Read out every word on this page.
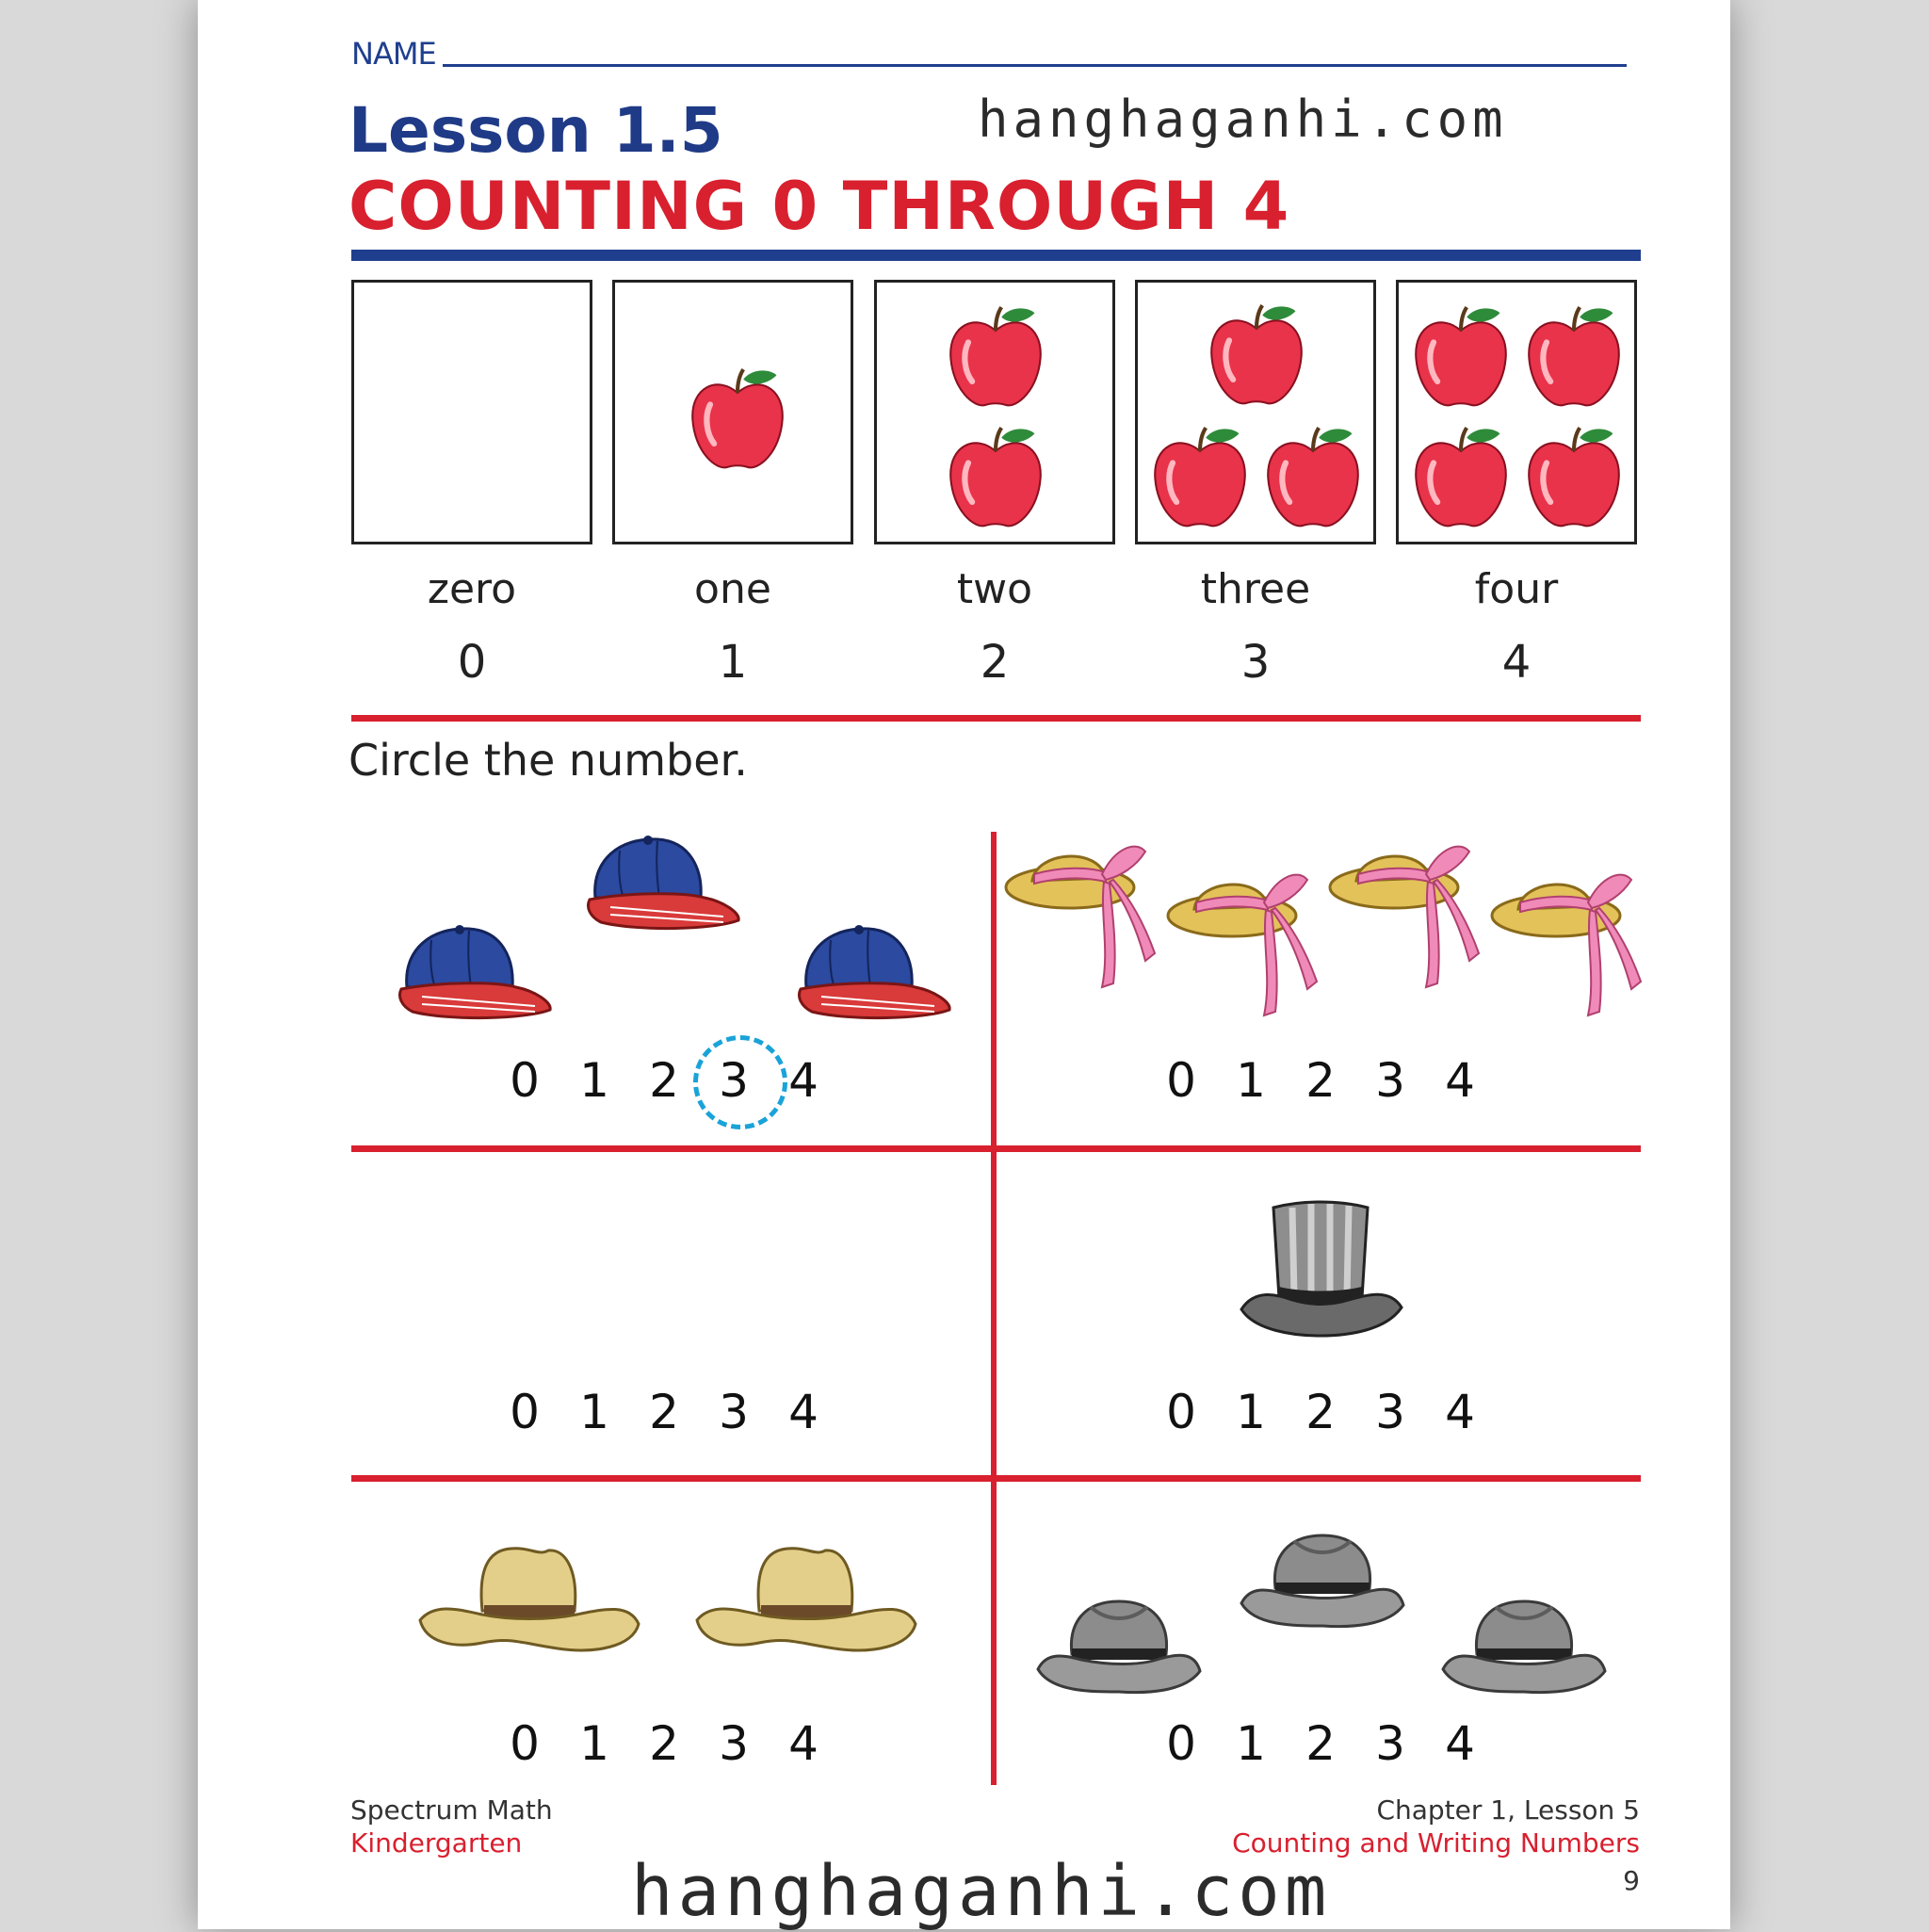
NAME
Lesson 1.5
COUNTING 0 THROUGH 4
hanghaganhi.com
zero	one	two	three	four
0	1	2	3	4
Circle the number.
0 1 2 3 4	0 1 2 3 4
0 1 2 3 4	0 1 2 3 4
0 1 2 3 4	0 1 2 3 4
Spectrum Math
Kindergarten
Chapter 1, Lesson 5
Counting and Writing Numbers
9
hanghaganhi.com
